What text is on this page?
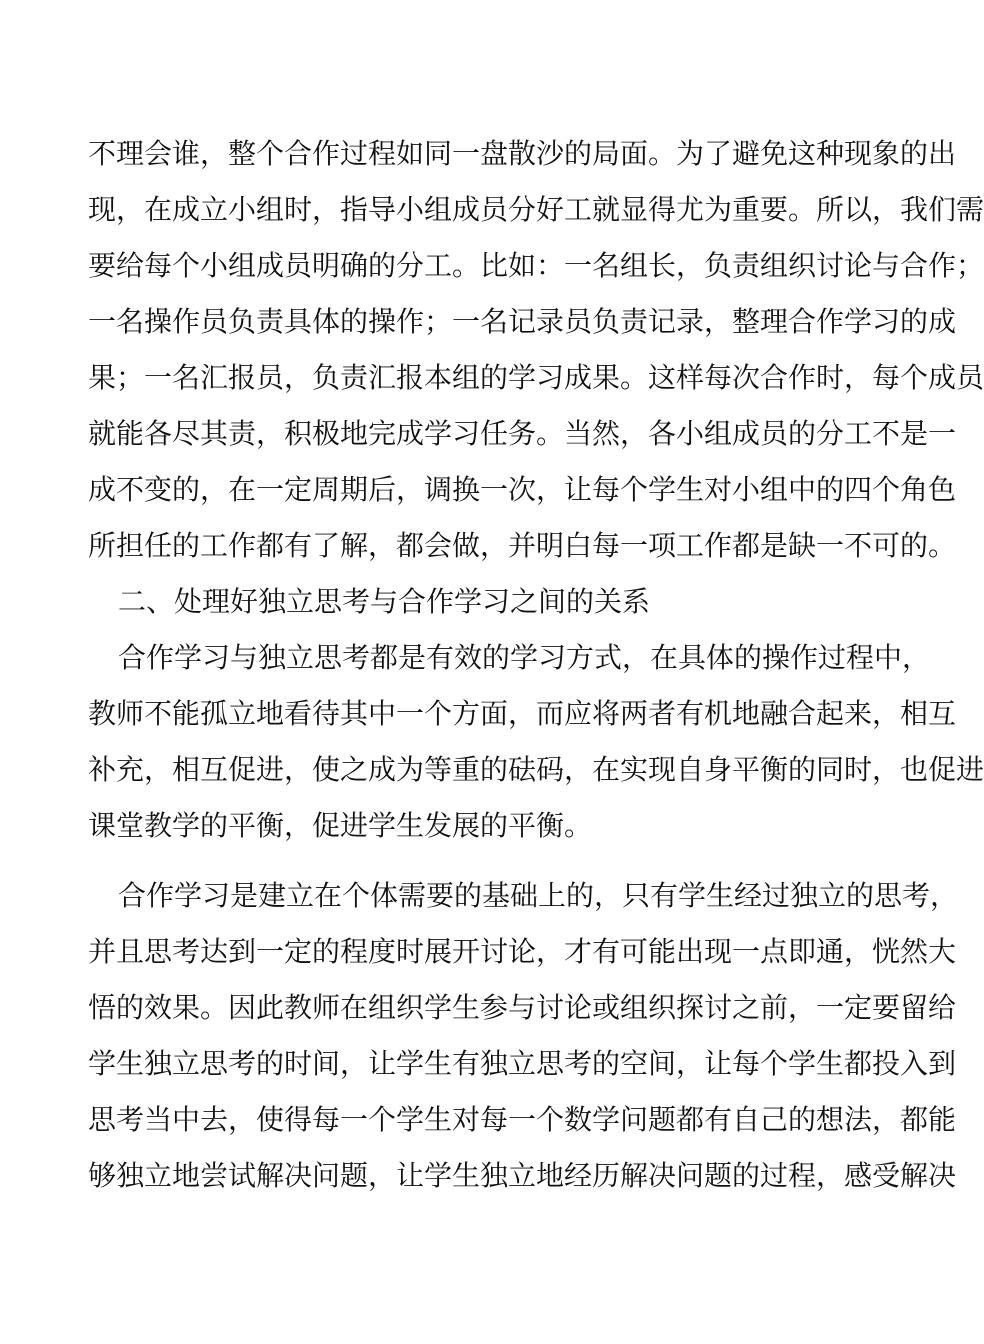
不理会谁，整个合作过程如同一盘散沙的局面。为了避免这种现象的出
现，在成立小组时，指导小组成员分好工就显得尤为重要。所以，我们需
要给每个小组成员明确的分工。比如：一名组长，负责组织讨论与合作；
一名操作员负责具体的操作；一名记录员负责记录，整理合作学习的成
果；一名汇报员，负责汇报本组的学习成果。这样每次合作时，每个成员
就能各尽其责，积极地完成学习任务。当然，各小组成员的分工不是一
成不变的，在一定周期后，调换一次，让每个学生对小组中的四个角色
所担任的工作都有了解，都会做，并明白每一项工作都是缺一不可的。
二、处理好独立思考与合作学习之间的关系
合作学习与独立思考都是有效的学习方式，在具体的操作过程中，
教师不能孤立地看待其中一个方面，而应将两者有机地融合起来，相互
补充，相互促进，使之成为等重的砝码，在实现自身平衡的同时，也促进
课堂教学的平衡，促进学生发展的平衡。
合作学习是建立在个体需要的基础上的，只有学生经过独立的思考，
并且思考达到一定的程度时展开讨论，才有可能出现一点即通，恍然大
悟的效果。因此教师在组织学生参与讨论或组织探讨之前，一定要留给
学生独立思考的时间，让学生有独立思考的空间，让每个学生都投入到
思考当中去，使得每一个学生对每一个数学问题都有自己的想法，都能
够独立地尝试解决问题，让学生独立地经历解决问题的过程，感受解决
